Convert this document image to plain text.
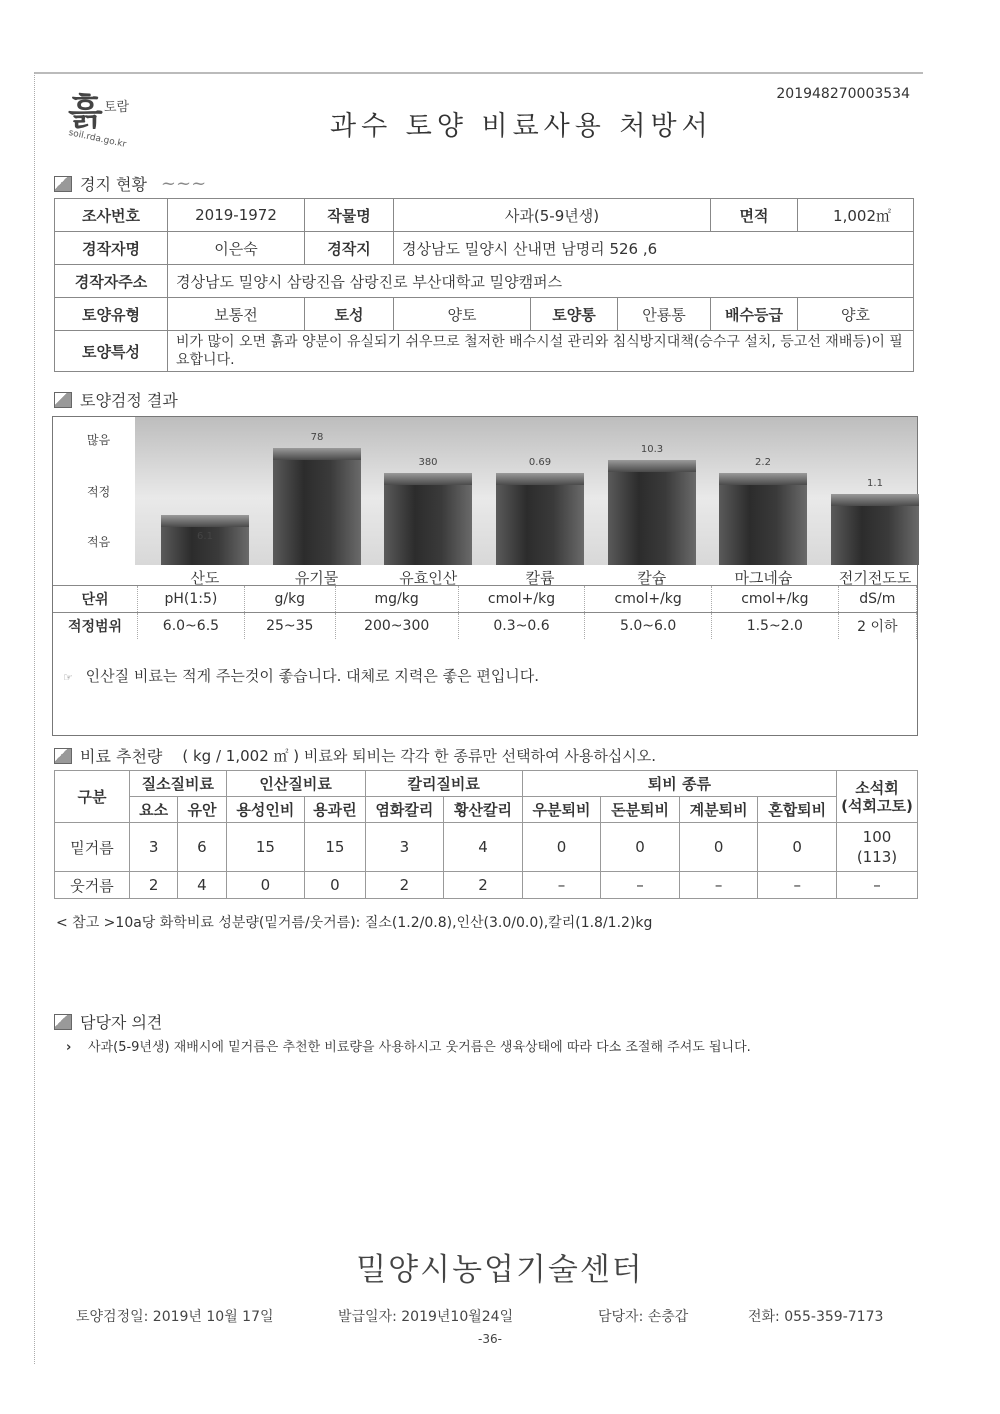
흙 토람
soil.rda.go.kr
201948270003534
과수 토양 비료사용 처방서
경지 현황 ~~~
조사번호	2019-1972	작물명	사과(5-9년생)			면적	1,002㎡
경작자명	이은숙	경작지	경상남도 밀양시 산내면 남명리 526 ,6				
경작자주소	경상남도 밀양시 삼랑진읍 삼랑진로 부산대학교 밀양캠퍼스						
토양유형	보통전	토성	양토	토양통	안룡통	배수등급	양호
토양특성	비가 많이 오면 흙과 양분이 유실되기 쉬우므로 철저한 배수시설 관리와 침식방지대책(승수구 설치, 등고선 재배등)이 필요합니다.						
토양검정 결과
많음
적정
적음	6.1
78
380	0.69
10.3
2.2
1.1
단위	pH(1:5)	g/kg	mg/kg	cmol+/kg	cmol+/kg	cmol+/kg	dS/m
적정범위	6.0~6.5	25~35	200~300	0.3~0.6	5.0~6.0	1.5~2.0	2 이하
☞ 인산질 비료는 적게 주는것이 좋습니다. 대체로 지력은 좋은 편입니다.
산도	유기물	유효인산	칼륨	칼슘	마그네슘	전기전도도
비료 추천량 ( kg / 1,002 ㎡ ) 비료와 퇴비는 각각 한 종류만 선택하여 사용하십시오.
구분	질소질비료		인산질비료		칼리질비료		퇴비 종류				소석회
(석회고토)

	요소	유안	용성인비	용과린	염화칼리	황산칼리	우분퇴비	돈분퇴비	계분퇴비	혼합퇴비	
밑거름	3	6	15	15	3	4	0	0	0	0	100
(113)

웃거름	2	4	0	0	2	2	–	–	–	–	–
< 참고 >10a당 화학비료 성분량(밑거름/웃거름): 질소(1.2/0.8),인산(3.0/0.0),칼리(1.8/1.2)kg
담당자 의견
›	사과(5-9년생) 재배시에 밑거름은 추천한 비료량을 사용하시고 웃거름은 생육상태에 따라 다소 조절해 주셔도 됩니다.
밀양시농업기술센터
토양검정일: 2019년 10월 17일	발급일자: 2019년10월24일	담당자: 손충갑	전화: 055-359-7173
-36-
